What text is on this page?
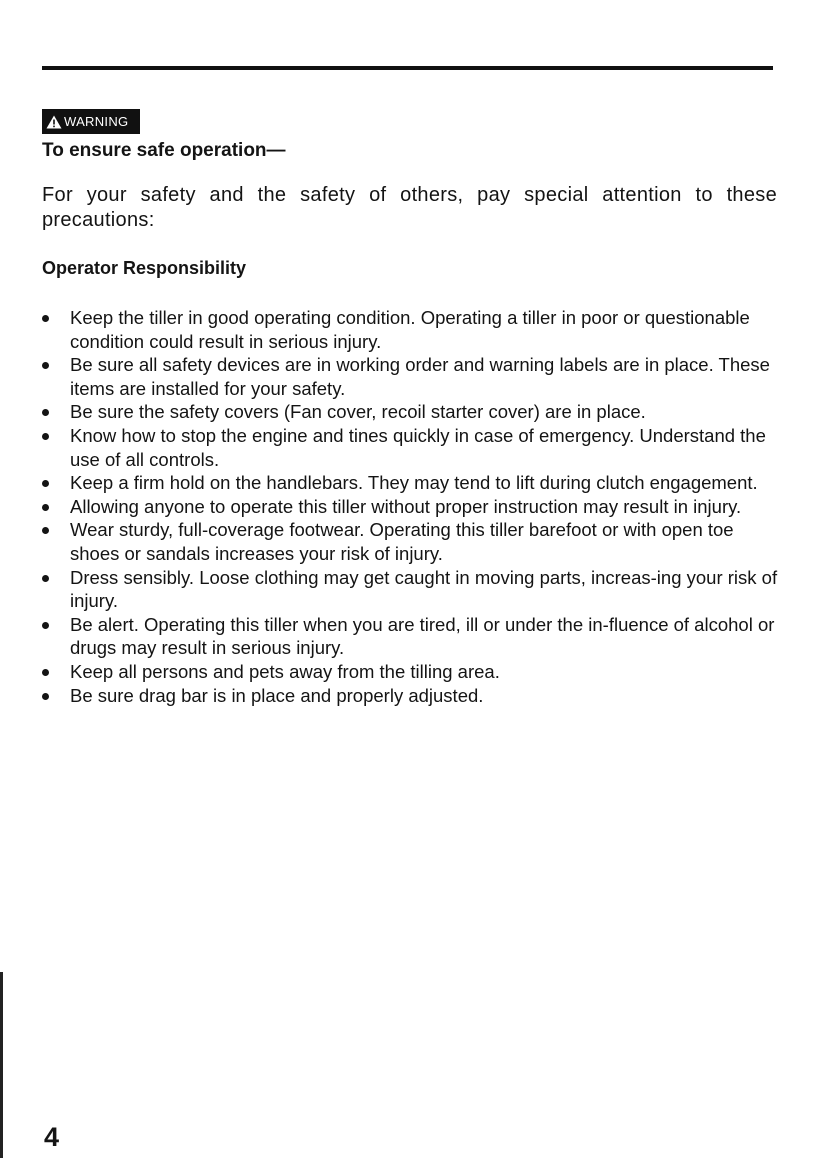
WARNING

To ensure safe operation—

For your safety and the safety of others, pay special attention to these precautions:

Operator Responsibility

Keep the tiller in good operating condition. Operating a tiller in poor or questionable condition could result in serious injury.
Be sure all safety devices are in working order and warning labels are in place. These items are installed for your safety.
Be sure the safety covers (Fan cover, recoil starter cover) are in place.
Know how to stop the engine and tines quickly in case of emergency. Understand the use of all controls.
Keep a firm hold on the handlebars. They may tend to lift during clutch engagement.
Allowing anyone to operate this tiller without proper instruction may result in injury.
Wear sturdy, full-coverage footwear. Operating this tiller barefoot or with open toe shoes or sandals increases your risk of injury.
Dress sensibly. Loose clothing may get caught in moving parts, increas-ing your risk of injury.
Be alert. Operating this tiller when you are tired, ill or under the in-fluence of alcohol or drugs may result in serious injury.
Keep all persons and pets away from the tilling area.
Be sure drag bar is in place and properly adjusted.

4
